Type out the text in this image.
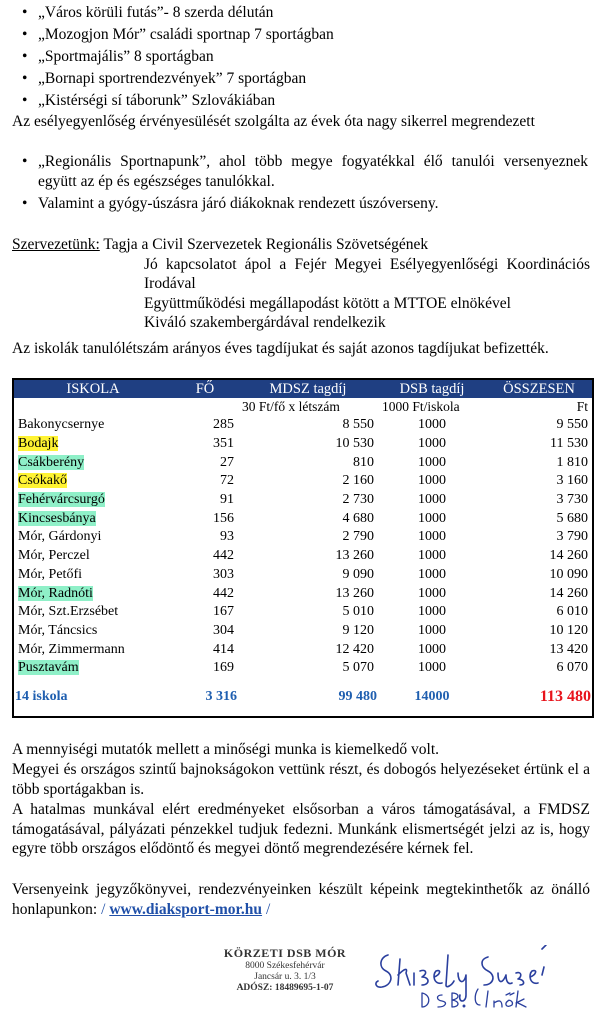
• „Város körüli futás”- 8 szerda délután
• „Mozogjon Mór” családi sportnap 7 sportágban
• „Sportmajális” 8 sportágban
• „Bornapi sportrendezvények” 7 sportágban
• „Kistérségi sí táborunk” Szlovákiában
Az esélyegyenlőség érvényesülését szolgálta az évek óta nagy sikerrel megrendezett
• „Regionális Sportnapunk”, ahol több megye fogyatékkal élő tanulói versenyeznek együtt az ép és egészséges tanulókkal.
• Valamint a gyógy-úszásra járó diákoknak rendezett úszóverseny.
Szervezetünk: Tagja a Civil Szervezetek Regionális Szövetségének
Jó kapcsolatot ápol a Fejér Megyei Esélyegyenlőségi Koordinációs Irodával
Együttműködési megállapodást kötött a MTTOE elnökével
Kiváló szakembergárdával rendelkezik
Az iskolák tanulólétszám arányos éves tagdíjukat és saját azonos tagdíjukat befizették.
ISKOLA	FŐ	MDSZ tagdíj	DSB tagdíj	ÖSSZESEN
		30 Ft/fő x létszám	1000 Ft/iskola	Ft
Bakonycsernye	285	8 550	1000	9 550
Bodajk	351	10 530	1000	11 530
Csákberény	27	810	1000	1 810
Csókakő	72	2 160	1000	3 160
Fehérvárcsurgó	91	2 730	1000	3 730
Kincsesbánya	156	4 680	1000	5 680
Mór, Gárdonyi	93	2 790	1000	3 790
Mór, Perczel	442	13 260	1000	14 260
Mór, Petőfi	303	9 090	1000	10 090
Mór, Radnóti	442	13 260	1000	14 260
Mór, Szt.Erzsébet	167	5 010	1000	6 010
Mór, Táncsics	304	9 120	1000	10 120
Mór, Zimmermann	414	12 420	1000	13 420
Pusztavám	169	5 070	1000	6 070
14 iskola	3 316	99 480	14000	113 480
A mennyiségi mutatók mellett a minőségi munka is kiemelkedő volt.
Megyei és országos szintű bajnokságokon vettünk részt, és dobogós helyezéseket értünk el a több sportágakban is.
A hatalmas munkával elért eredményeket elsősorban a város támogatásával, a FMDSZ támogatásával, pályázati pénzekkel tudjuk fedezni. Munkánk elismertségét jelzi az is, hogy egyre több országos elődöntő és megyei döntő megrendezésére kérnek fel.
Versenyeink jegyzőkönyvei, rendezvényeinken készült képeink megtekinthetők az önálló honlapunkon: / www.diaksport-mor.hu /
KÖRZETI DSB MÓR
8000 Székesfehérvár
Jancsár u. 3. 1/3
ADÓSZ: 18489695-1-07
